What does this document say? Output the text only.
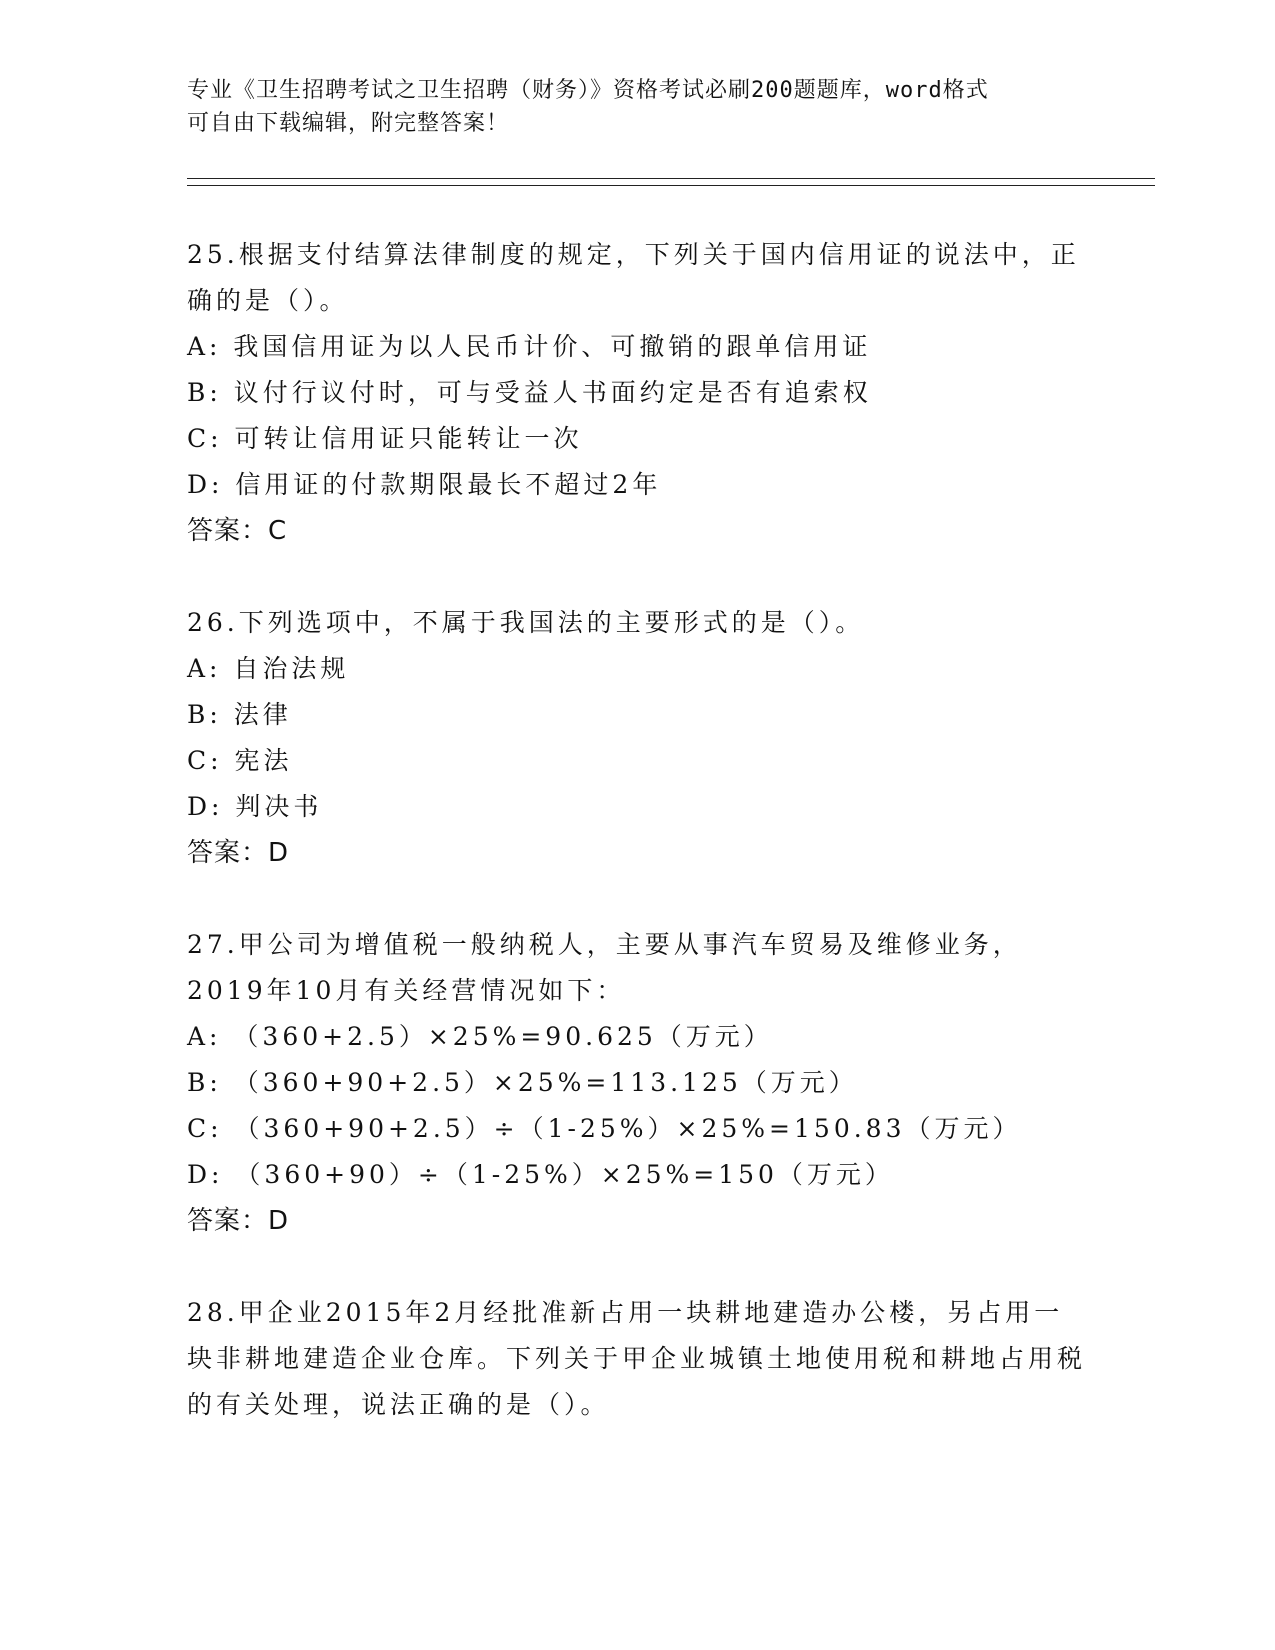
专业《卫生招聘考试之卫生招聘（财务）》资格考试必刷200题题库，word格式
可自由下载编辑，附完整答案！

25.根据支付结算法律制度的规定，下列关于国内信用证的说法中，正确的是（）。

A: 我国信用证为以人民币计价、可撤销的跟单信用证

B: 议付行议付时，可与受益人书面约定是否有追索权

C: 可转让信用证只能转让一次

D: 信用证的付款期限最长不超过2年

答案：C

26.下列选项中，不属于我国法的主要形式的是（）。

A: 自治法规

B: 法律

C: 宪法

D: 判决书

答案：D

27.甲公司为增值税一般纳税人，主要从事汽车贸易及维修业务，2019年10月有关经营情况如下：

A: （360+2.5）×25%=90.625（万元）

B: （360+90+2.5）×25%=113.125（万元）

C: （360+90+2.5）÷（1-25%）×25%=150.83（万元）

D: （360+90）÷（1-25%）×25%=150（万元）

答案：D

28.甲企业2015年2月经批准新占用一块耕地建造办公楼，另占用一块非耕地建造企业仓库。下列关于甲企业城镇土地使用税和耕地占用税的有关处理，说法正确的是（）。
